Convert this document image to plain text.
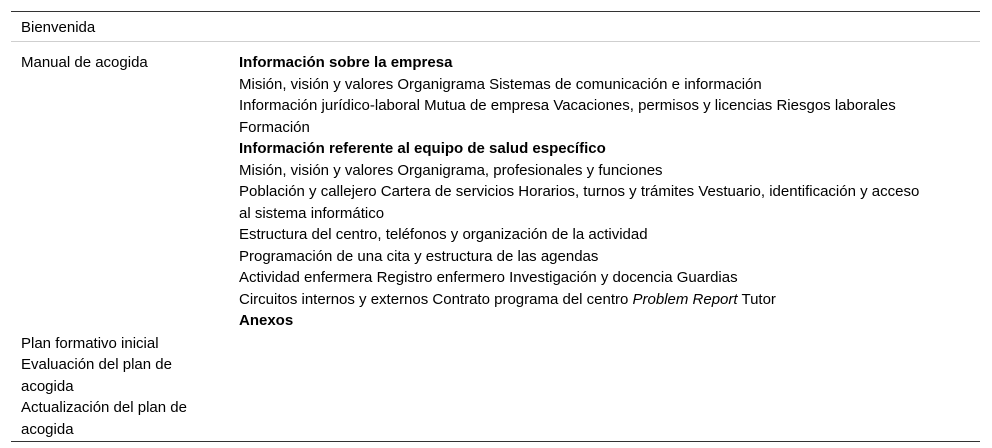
Bienvenida
Manual de acogida	Información sobre la empresa
Misión, visión y valores Organigrama Sistemas de comunicación e información
Información jurídico-laboral Mutua de empresa Vacaciones, permisos y licencias Riesgos laborales
Formación
Información referente al equipo de salud específico
Misión, visión y valores Organigrama, profesionales y funciones
Población y callejero Cartera de servicios Horarios, turnos y trámites Vestuario, identificación y acceso al sistema informático
Estructura del centro, teléfonos y organización de la actividad
Programación de una cita y estructura de las agendas
Actividad enfermera Registro enfermero Investigación y docencia Guardias
Circuitos internos y externos Contrato programa del centro Problem Report Tutor
Anexos
Plan formativo inicial
Evaluación del plan de acogida
Actualización del plan de acogida
